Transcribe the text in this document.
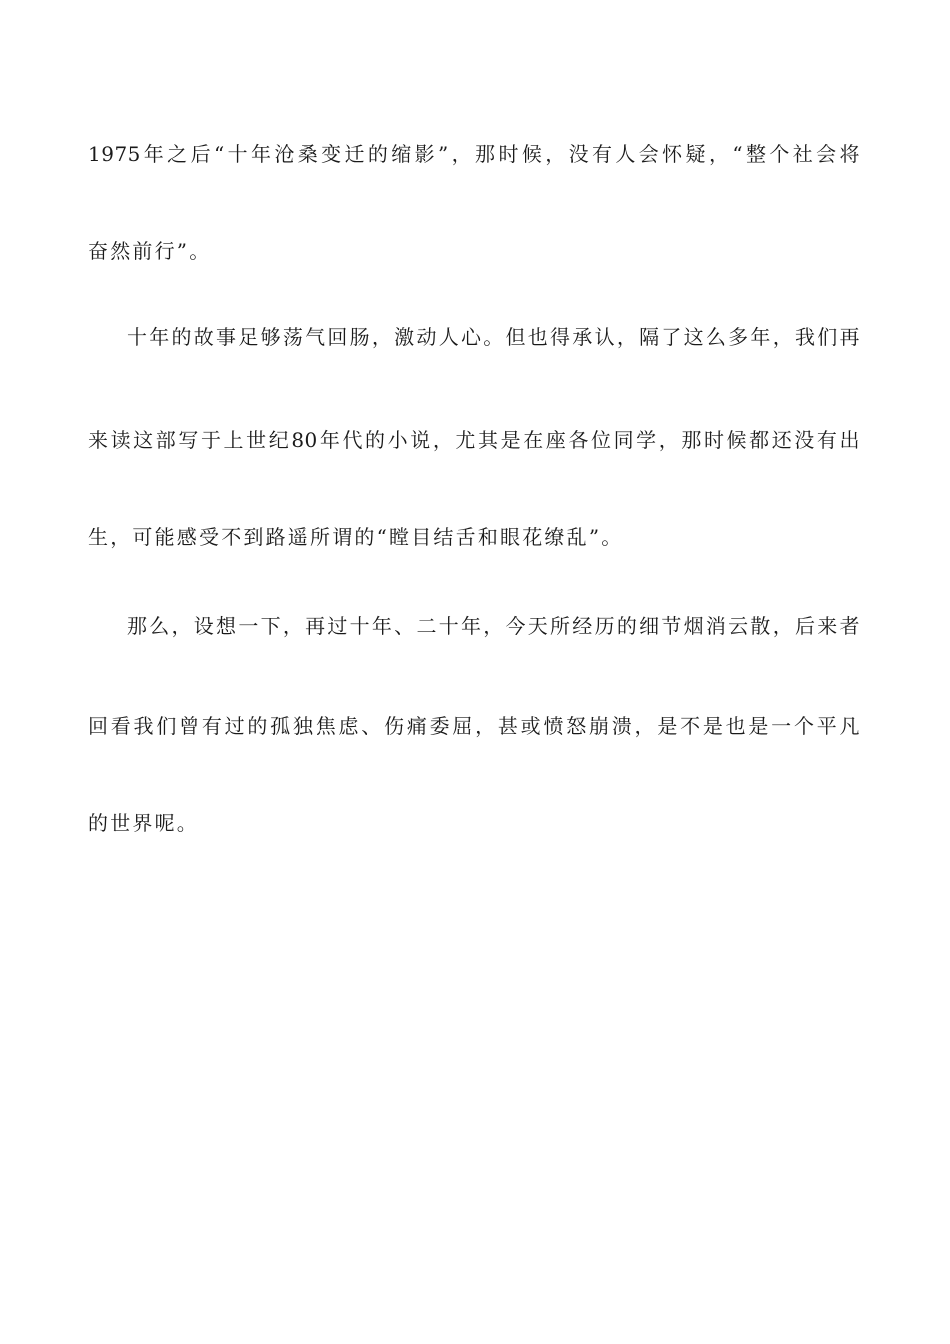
1975年之后“十年沧桑变迁的缩影”，那时候，没有人会怀疑，“整个社会将
奋然前行”。
十年的故事足够荡气回肠，激动人心。但也得承认，隔了这么多年，我们再
来读这部写于上世纪80年代的小说，尤其是在座各位同学，那时候都还没有出
生，可能感受不到路遥所谓的“瞠目结舌和眼花缭乱”。
那么，设想一下，再过十年、二十年，今天所经历的细节烟消云散，后来者
回看我们曾有过的孤独焦虑、伤痛委屈，甚或愤怒崩溃，是不是也是一个平凡
的世界呢。
